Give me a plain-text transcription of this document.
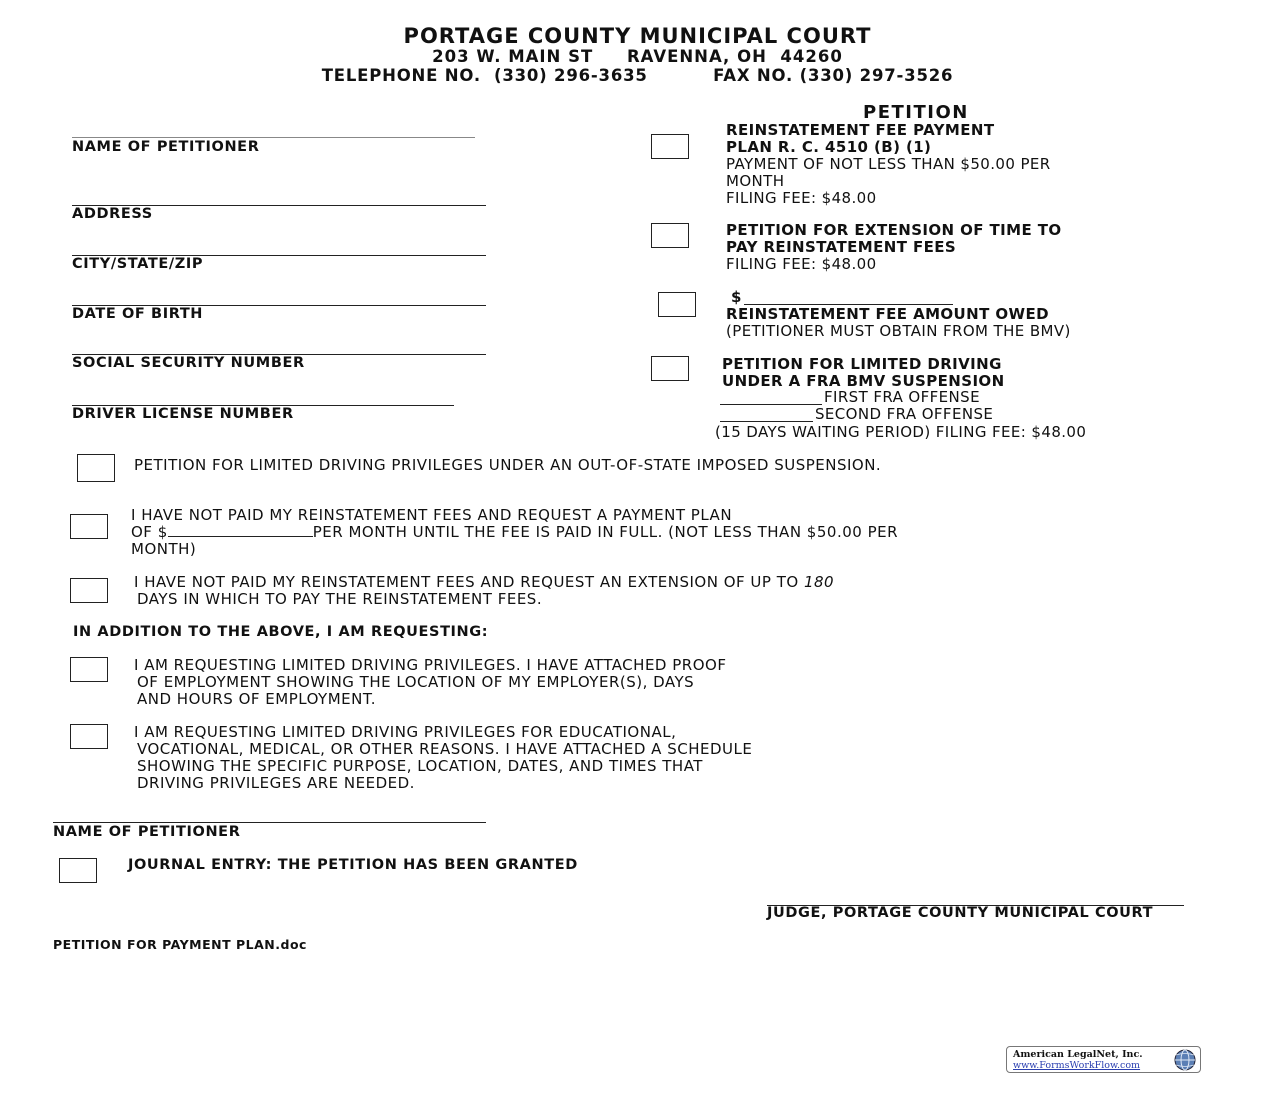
PORTAGE COUNTY MUNICIPAL COURT
203 W. MAIN ST     RAVENNA, OH  44260
TELEPHONE NO.  (330) 296-3635          FAX NO. (330) 297-3526
NAME OF PETITIONER
ADDRESS
CITY/STATE/ZIP
DATE OF BIRTH
SOCIAL SECURITY NUMBER
DRIVER LICENSE NUMBER
PETITION
REINSTATEMENT FEE PAYMENT
PLAN R. C. 4510 (B) (1)
PAYMENT OF NOT LESS THAN $50.00 PER
MONTH
FILING FEE: $48.00
PETITION FOR EXTENSION OF TIME TO
PAY REINSTATEMENT FEES
FILING FEE: $48.00
$
REINSTATEMENT FEE AMOUNT OWED
(PETITIONER MUST OBTAIN FROM THE BMV)
PETITION FOR LIMITED DRIVING
UNDER A FRA BMV SUSPENSION
FIRST FRA OFFENSE
SECOND FRA OFFENSE
(15 DAYS WAITING PERIOD) FILING FEE: $48.00
PETITION FOR LIMITED DRIVING PRIVILEGES UNDER AN OUT-OF-STATE IMPOSED SUSPENSION.
I HAVE NOT PAID MY REINSTATEMENT FEES AND REQUEST A PAYMENT PLAN
OF $	PER MONTH UNTIL THE FEE IS PAID IN FULL. (NOT LESS THAN $50.00 PER
MONTH)
I HAVE NOT PAID MY REINSTATEMENT FEES AND REQUEST AN EXTENSION OF UP TO 180
DAYS IN WHICH TO PAY THE REINSTATEMENT FEES.
IN ADDITION TO THE ABOVE, I AM REQUESTING:
I AM REQUESTING LIMITED DRIVING PRIVILEGES. I HAVE ATTACHED PROOF
OF EMPLOYMENT SHOWING THE LOCATION OF MY EMPLOYER(S), DAYS
AND HOURS OF EMPLOYMENT.
I AM REQUESTING LIMITED DRIVING PRIVILEGES FOR EDUCATIONAL,
VOCATIONAL, MEDICAL, OR OTHER REASONS. I HAVE ATTACHED A SCHEDULE
SHOWING THE SPECIFIC PURPOSE, LOCATION, DATES, AND TIMES THAT
DRIVING PRIVILEGES ARE NEEDED.
NAME OF PETITIONER
JOURNAL ENTRY: THE PETITION HAS BEEN GRANTED
JUDGE, PORTAGE COUNTY MUNICIPAL COURT
PETITION FOR PAYMENT PLAN.doc
American LegalNet, Inc.
www.FormsWorkFlow.com
